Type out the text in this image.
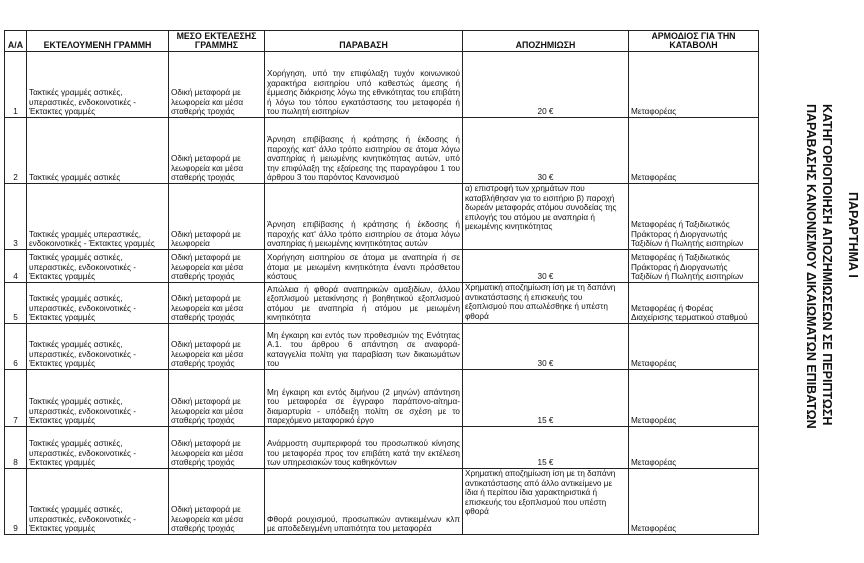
Α/Α	ΕΚΤΕΛΟΥΜΕΝΗ ΓΡΑΜΜΗ	ΜΕΣΟ ΕΚΤΕΛΕΣΗΣ ΓΡΑΜΜΗΣ	ΠΑΡΑΒΑΣΗ	ΑΠΟΖΗΜΙΩΣΗ	ΑΡΜΟΔΙΟΣ ΓΙΑ ΤΗΝ ΚΑΤΑΒΟΛΗ
1	Τακτικές γραμμές αστικές, υπεραστικές, ενδοκοινοτικές - Έκτακτες γραμμές	Οδική μεταφορά με λεωφορεία και μέσα σταθερής τροχιάς	Χορήγηση, υπό την επιφύλαξη τυχόν κοινωνικού χαρακτήρα εισιτηρίου υπό καθεστώς άμεσης ή έμμεσης διάκρισης λόγω της εθνικότητας του επιβάτη ή λόγω του τόπου εγκατάστασης του μεταφορέα ή του πωλητή εισιτηρίων	20 €	Μεταφορέας
2	Τακτικές γραμμές αστικές	Οδική μεταφορά με λεωφορεία και μέσα σταθερής τροχιάς	Άρνηση επιβίβασης ή κράτησης ή έκδοσης ή παροχής κατ' άλλο τρόπο εισιτηρίου σε άτομα λόγω αναπηρίας ή μειωμένης κινητικότητας αυτών, υπό την επιφύλαξη της εξαίρεσης της παραγράφου 1 του άρθρου 3 του παρόντος Κανονισμού	30 €	Μεταφορέας
3	Τακτικές γραμμές υπεραστικές, ενδοκοινοτικές - Έκτακτες γραμμές	Οδική μεταφορά με λεωφορεία	Άρνηση επιβίβασης ή κράτησης ή έκδοσης ή παροχής κατ' άλλο τρόπο εισιτηρίου σε άτομα λόγω αναπηρίας ή μειωμένης κινητικότητας αυτών	α) επιστροφή των χρημάτων που καταβλήθησαν για το εισιτήριο β) παροχή δωρεάν μεταφοράς ατόμου συνοδείας της επιλογής του ατόμου με αναπηρία ή μειωμένης κινητικότητας	Μεταφορέας ή Ταξιδιωτικός Πράκτορας ή Διοργανωτής Ταξιδίων ή Πωλητής εισιτηρίων
4	Τακτικές γραμμές αστικές, υπεραστικές, ενδοκοινοτικές - Έκτακτες γραμμές	Οδική μεταφορά με λεωφορεία και μέσα σταθερής τροχιάς	Χορήγηση εισιτηρίου σε άτομα με αναπηρία ή σε άτομα με μειωμένη κινητικότητα έναντι πρόσθετου κόστους	30 €	Μεταφορέας ή Ταξιδιωτικός Πράκτορας ή Διοργανωτής Ταξιδίων ή Πωλητής εισιτηρίων
5	Τακτικές γραμμές αστικές, υπεραστικές, ενδοκοινοτικές - Έκτακτες γραμμές	Οδική μεταφορά με λεωφορεία και μέσα σταθερής τροχιάς	Απώλεια ή φθορά αναπηρικών αμαξιδίων, άλλου εξοπλισμού μετακίνησης ή βοηθητικού εξοπλισμού ατόμου με αναπηρία ή ατόμου με μειωμένη κινητικότητα	Χρηματική αποζημίωση ίση με τη δαπάνη αντικατάστασης ή επισκευής του εξοπλισμού που απωλέσθηκε ή υπέστη φθορά	Μεταφορέας ή Φορέας Διαχείρισης τερματικού σταθμού
6	Τακτικές γραμμές αστικές, υπεραστικές, ενδοκοινοτικές - Έκτακτες γραμμές	Οδική μεταφορά με λεωφορεία και μέσα σταθερής τροχιάς	Μη έγκαιρη και εντός των προθεσμιών της Ενότητας Α.1. του άρθρου 6 απάντηση σε αναφορά- καταγγελία πολίτη για παραβίαση των δικαιωμάτων του	30 €	Μεταφορέας
7	Τακτικές γραμμές αστικές, υπεραστικές, ενδοκοινοτικές - Έκτακτες γραμμές	Οδική μεταφορά με λεωφορεία και μέσα σταθερής τροχιάς	Μη έγκαιρη και εντός διμήνου (2 μηνών) απάντηση του μεταφορέα σε έγγραφο παράπονο-αίτημα- διαμαρτυρία - υπόδειξη πολίτη σε σχέση με το παρεχόμενο μεταφορικό έργο	15 €	Μεταφορέας
8	Τακτικές γραμμές αστικές, υπεραστικές, ενδοκοινοτικές - Έκτακτες γραμμές	Οδική μεταφορά με λεωφορεία και μέσα σταθερής τροχιάς	Ανάρμοστη συμπεριφορά του προσωπικού κίνησης του μεταφορέα προς τον επιβάτη κατά την εκτέλεση των υπηρεσιακών τους καθηκόντων	15 €	Μεταφορέας
9	Τακτικές γραμμές αστικές, υπεραστικές, ενδοκοινοτικές - Έκτακτες γραμμές	Οδική μεταφορά με λεωφορεία και μέσα σταθερής τροχιάς	Φθορά ρουχισμού, προσωπικών αντικειμένων κλπ με αποδεδειγμένη υπαιτιότητα του μεταφορέα	Χρηματική αποζημίωση ίση με τη δαπάνη αντικατάστασης από άλλο αντικείμενο με ίδια ή περίπου ίδια χαρακτηριστικά ή επισκευής του εξοπλισμού που υπέστη φθορά	Μεταφορέας
ΠΑΡΑΡΤΗΜΑ Ι
ΚΑΤΗΓΟΡΙΟΠΟΙΗΣΗ ΑΠΟΖΗΜΙΩΣΕΩΝ ΣΕ ΠΕΡΙΠΤΩΣΗ
ΠΑΡΑΒΑΣΗΣ ΚΑΝΟΝΙΣΜΟΥ ΔΙΚΑΙΩΜΑΤΩΝ ΕΠΙΒΑΤΩΝ
